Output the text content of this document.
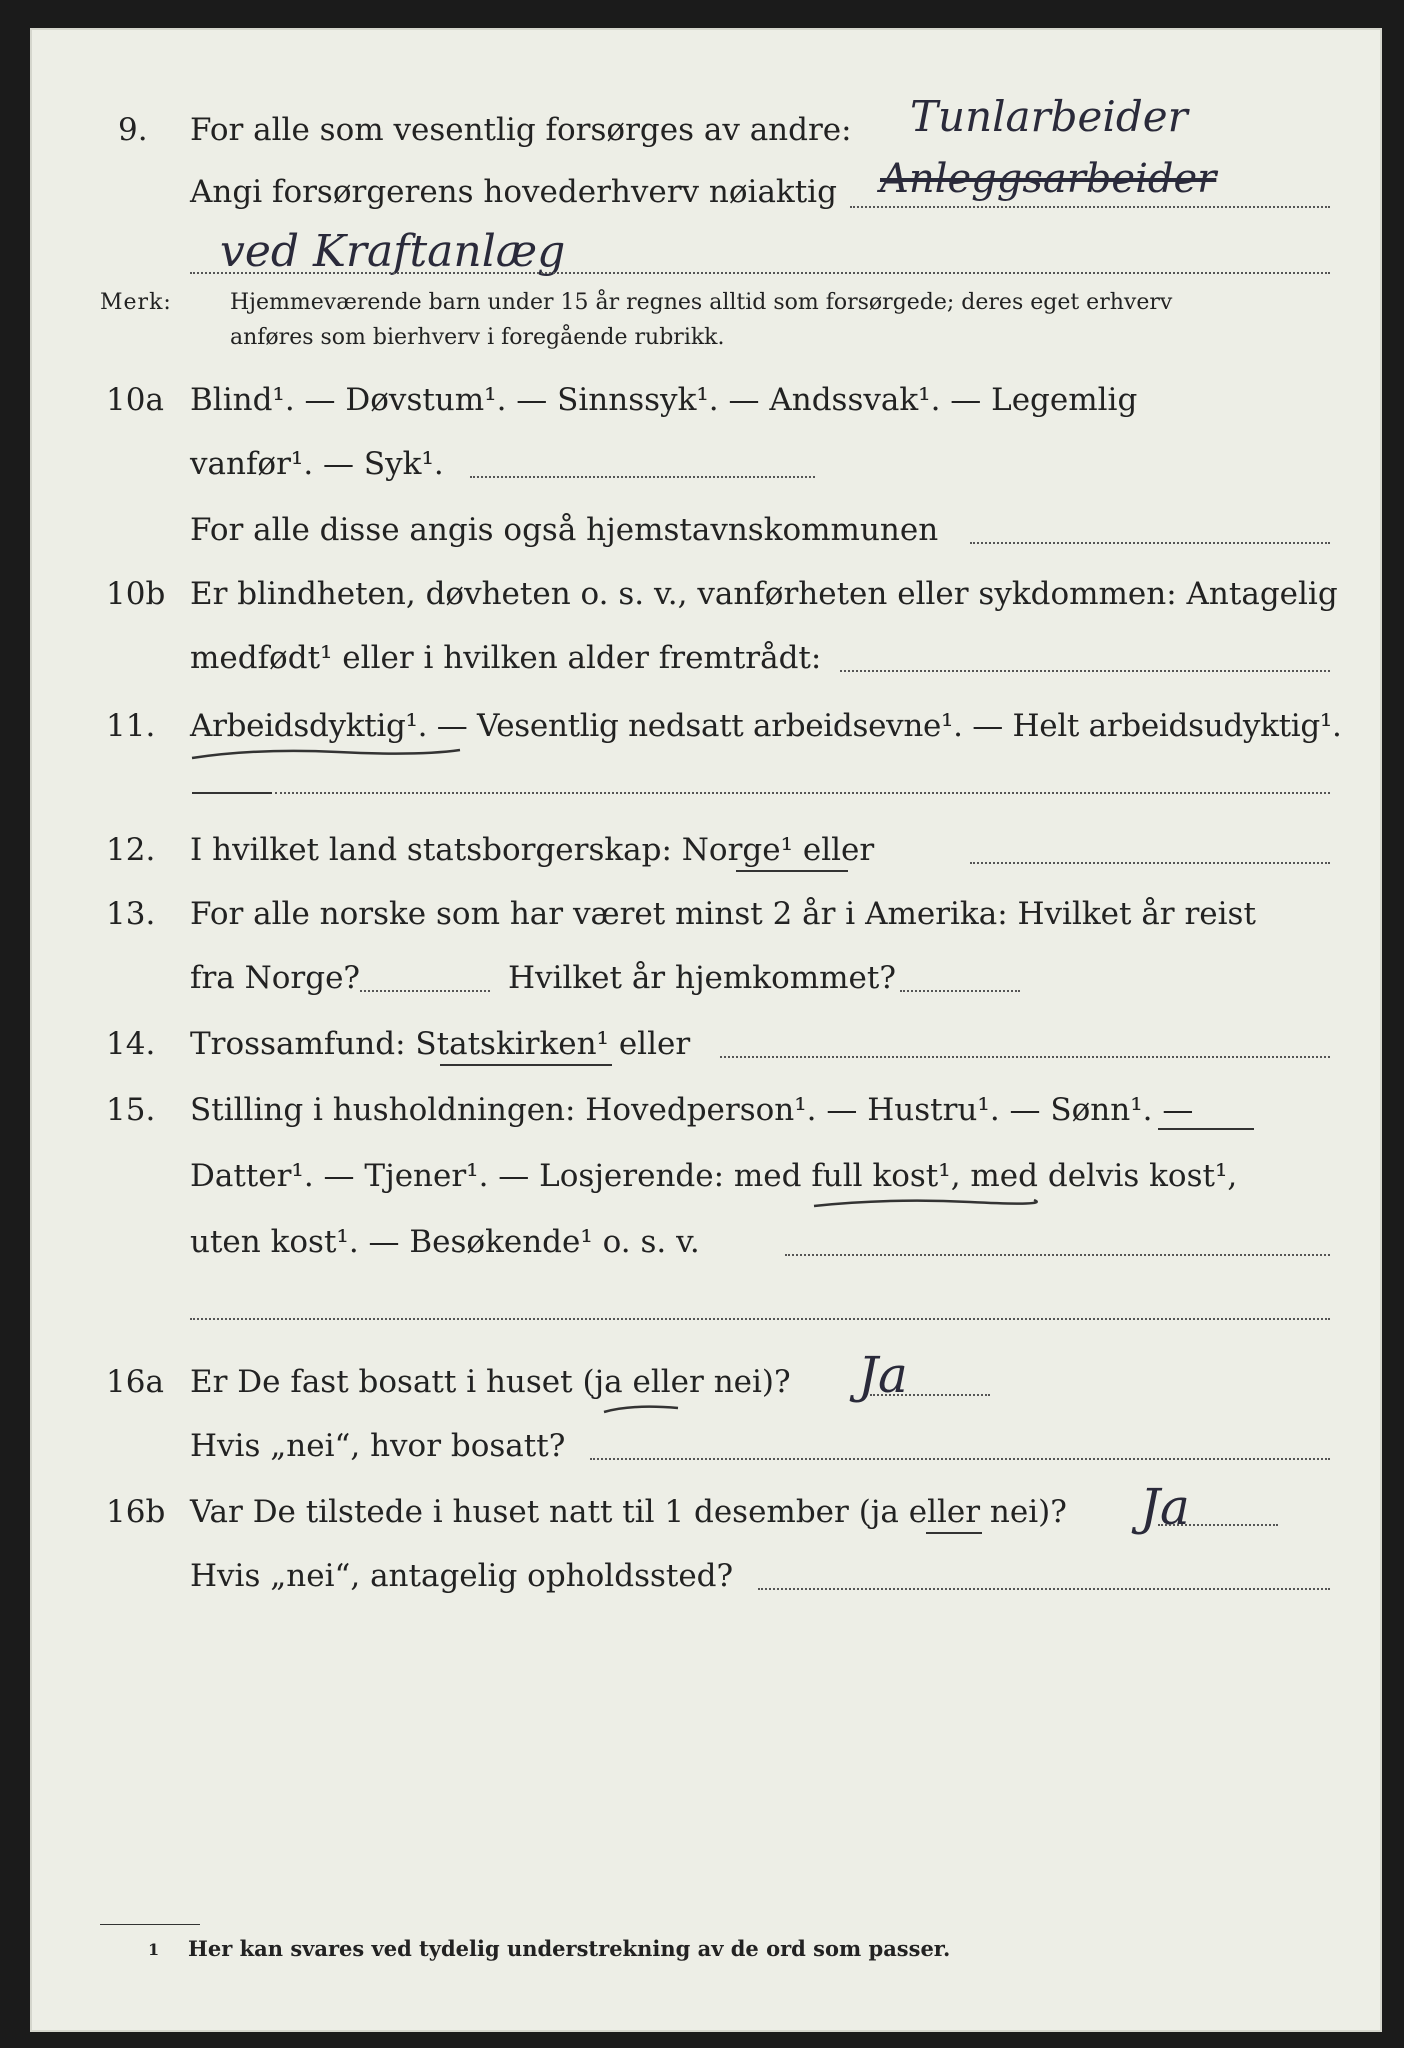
9. For alle som vesentlig forsørges av andre: Tunlarbeider
Angi forsørgerens hovederhverv nøiaktig Anleggsarbeider
ved Kraftanlæg
Merk:	Hjemmeværende barn under 15 år regnes alltid som forsørgede; deres eget erhverv
anføres som bierhverv i foregående rubrikk.
10a Blind¹. — Døvstum¹. — Sinnssyk¹. — Andssvak¹. — Legemlig
vanfør¹. — Syk¹.
For alle disse angis også hjemstavnskommunen
10b Er blindheten, døvheten o. s. v., vanførheten eller sykdommen: Antagelig
medfødt¹ eller i hvilken alder fremtrådt:
11. Arbeidsdyktig¹. — Vesentlig nedsatt arbeidsevne¹. — Helt arbeidsudyktig¹.
12. I hvilket land statsborgerskap: Norge¹ eller
13. For alle norske som har været minst 2 år i Amerika: Hvilket år reist
fra Norge?	Hvilket år hjemkommet?
14. Trossamfund: Statskirken¹ eller
15. Stilling i husholdningen: Hovedperson¹. — Hustru¹. — Sønn¹. —
Datter¹. — Tjener¹. — Losjerende: med full kost¹, med delvis kost¹,
uten kost¹. — Besøkende¹ o. s. v.
16a Er De fast bosatt i huset (ja eller nei)? Ja
Hvis „nei“, hvor bosatt?
16b Var De tilstede i huset natt til 1 desember (ja eller nei)? Ja
Hvis „nei“, antagelig opholdssted?
1 Her kan svares ved tydelig understrekning av de ord som passer.
